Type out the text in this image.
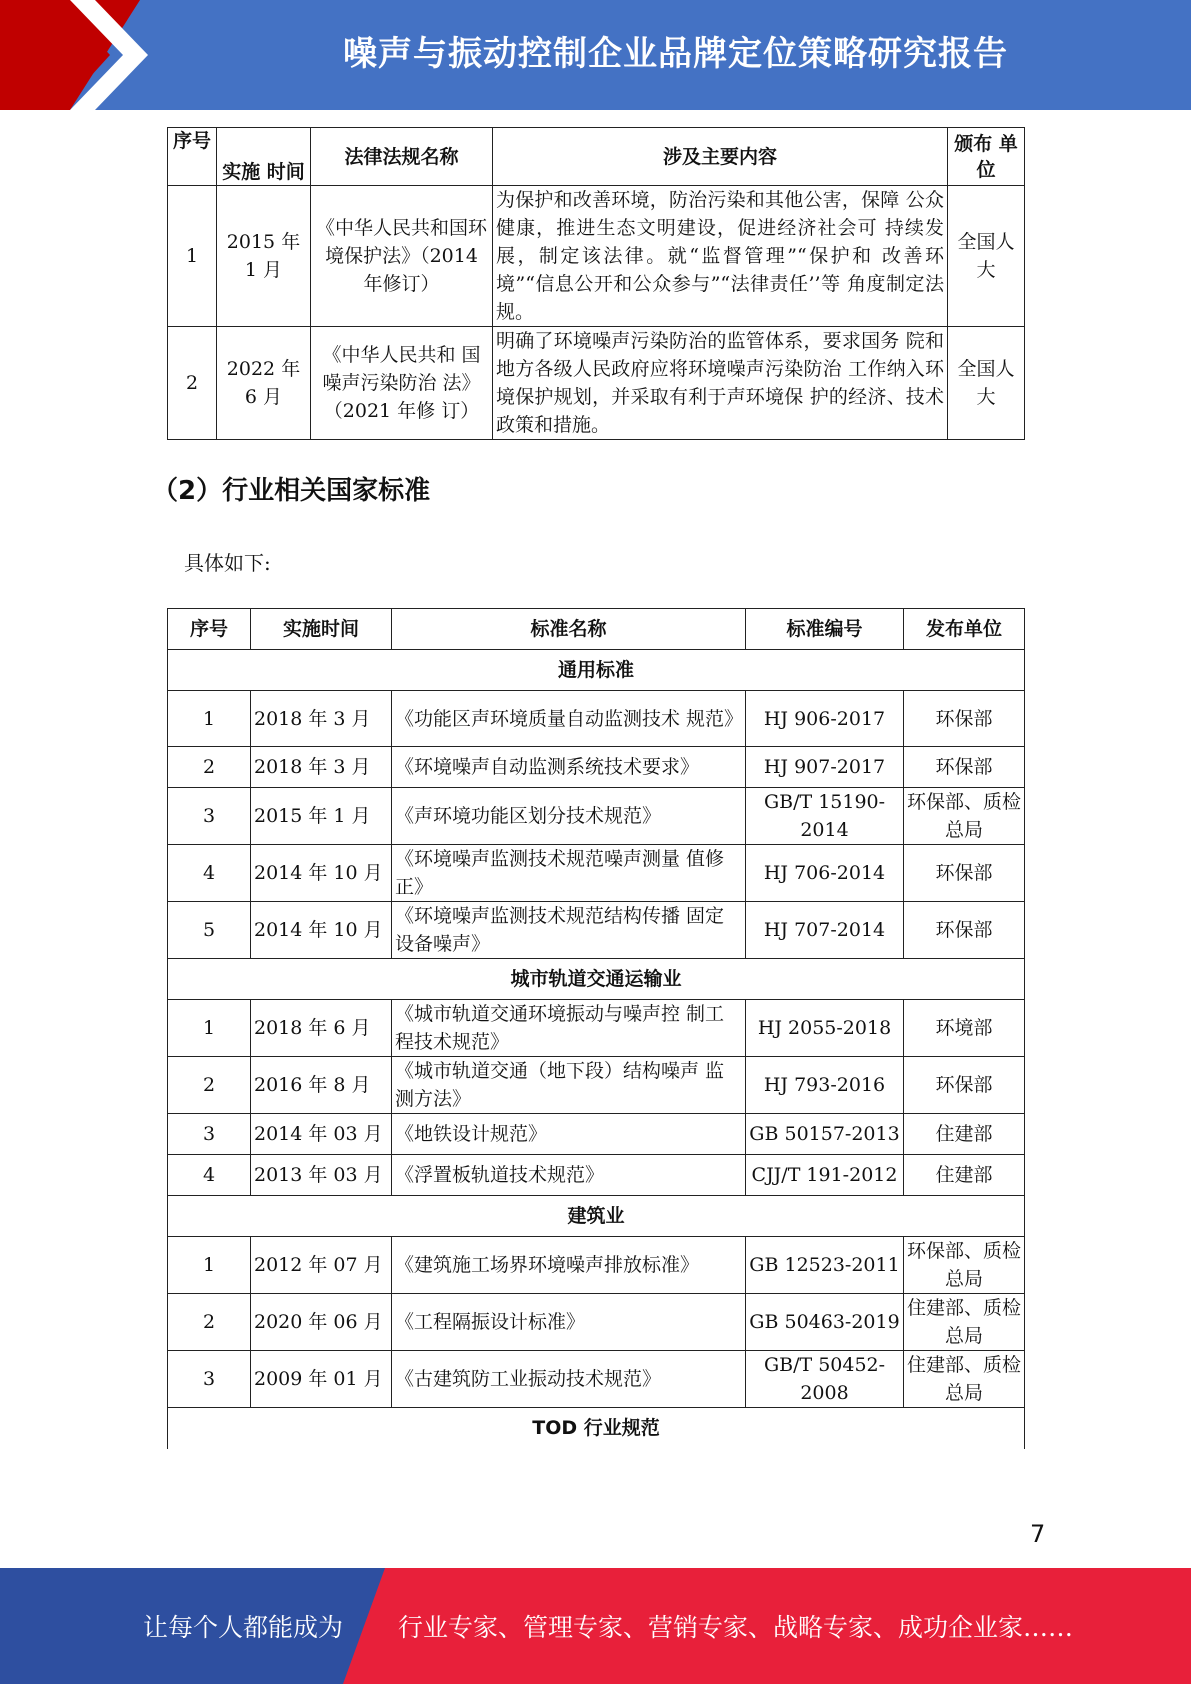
噪声与振动控制企业品牌定位策略研究报告
序号	实施 时间	法律法规名称	涉及主要内容	颁布 单位
1	2015 年 1 月	《中华人民共和国环境保护法》（2014 年修订）	为保护和改善环境，防治污染和其他公害，保障 公众健康，推进生态文明建设，促进经济社会可 持续发展，制定该法律。就“监督管理”“保护和 改善环境”“信息公开和公众参与”“法律责任’’等 角度制定法规。	全国人大
2	2022 年 6 月	《中华人民共和 国噪声污染防治 法》（2021 年修 订）	明确了环境噪声污染防治的监管体系，要求国务 院和地方各级人民政府应将环境噪声污染防治 工作纳入环境保护规划，并采取有利于声环境保 护的经济、技术政策和措施。	全国人大
（2）行业相关国家标准
具体如下:
序号	实施时间	标准名称	标准编号	发布单位
通用标准				
1	2018 年 3 月	《功能区声环境质量自动监测技术 规范》	HJ 906-2017	环保部
2	2018 年 3 月	《环境噪声自动监测系统技术要求》	HJ 907-2017	环保部
3	2015 年 1 月	《声环境功能区划分技术规范》	GB/T 15190-2014	环保部、质检总局
4	2014 年 10 月	《环境噪声监测技术规范噪声测量 值修正》	HJ 706-2014	环保部
5	2014 年 10 月	《环境噪声监测技术规范结构传播 固定设备噪声》	HJ 707-2014	环保部
城市轨道交通运输业				
1	2018 年 6 月	《城市轨道交通环境振动与噪声控 制工程技术规范》	HJ 2055-2018	环境部
2	2016 年 8 月	《城市轨道交通（地下段）结构噪声 监测方法》	HJ 793-2016	环保部
3	2014 年 03 月	《地铁设计规范》	GB 50157-2013	住建部
4	2013 年 03 月	《浮置板轨道技术规范》	CJJ/T 191-2012	住建部
建筑业				
1	2012 年 07 月	《建筑施工场界环境噪声排放标准》	GB 12523-2011	环保部、质检总局
2	2020 年 06 月	《工程隔振设计标准》	GB 50463-2019	住建部、质检总局
3	2009 年 01 月	《古建筑防工业振动技术规范》	GB/T 50452-2008	住建部、质检总局
TOD 行业规范				
7
让每个人都能成为 行业专家、管理专家、营销专家、战略专家、成功企业家……
